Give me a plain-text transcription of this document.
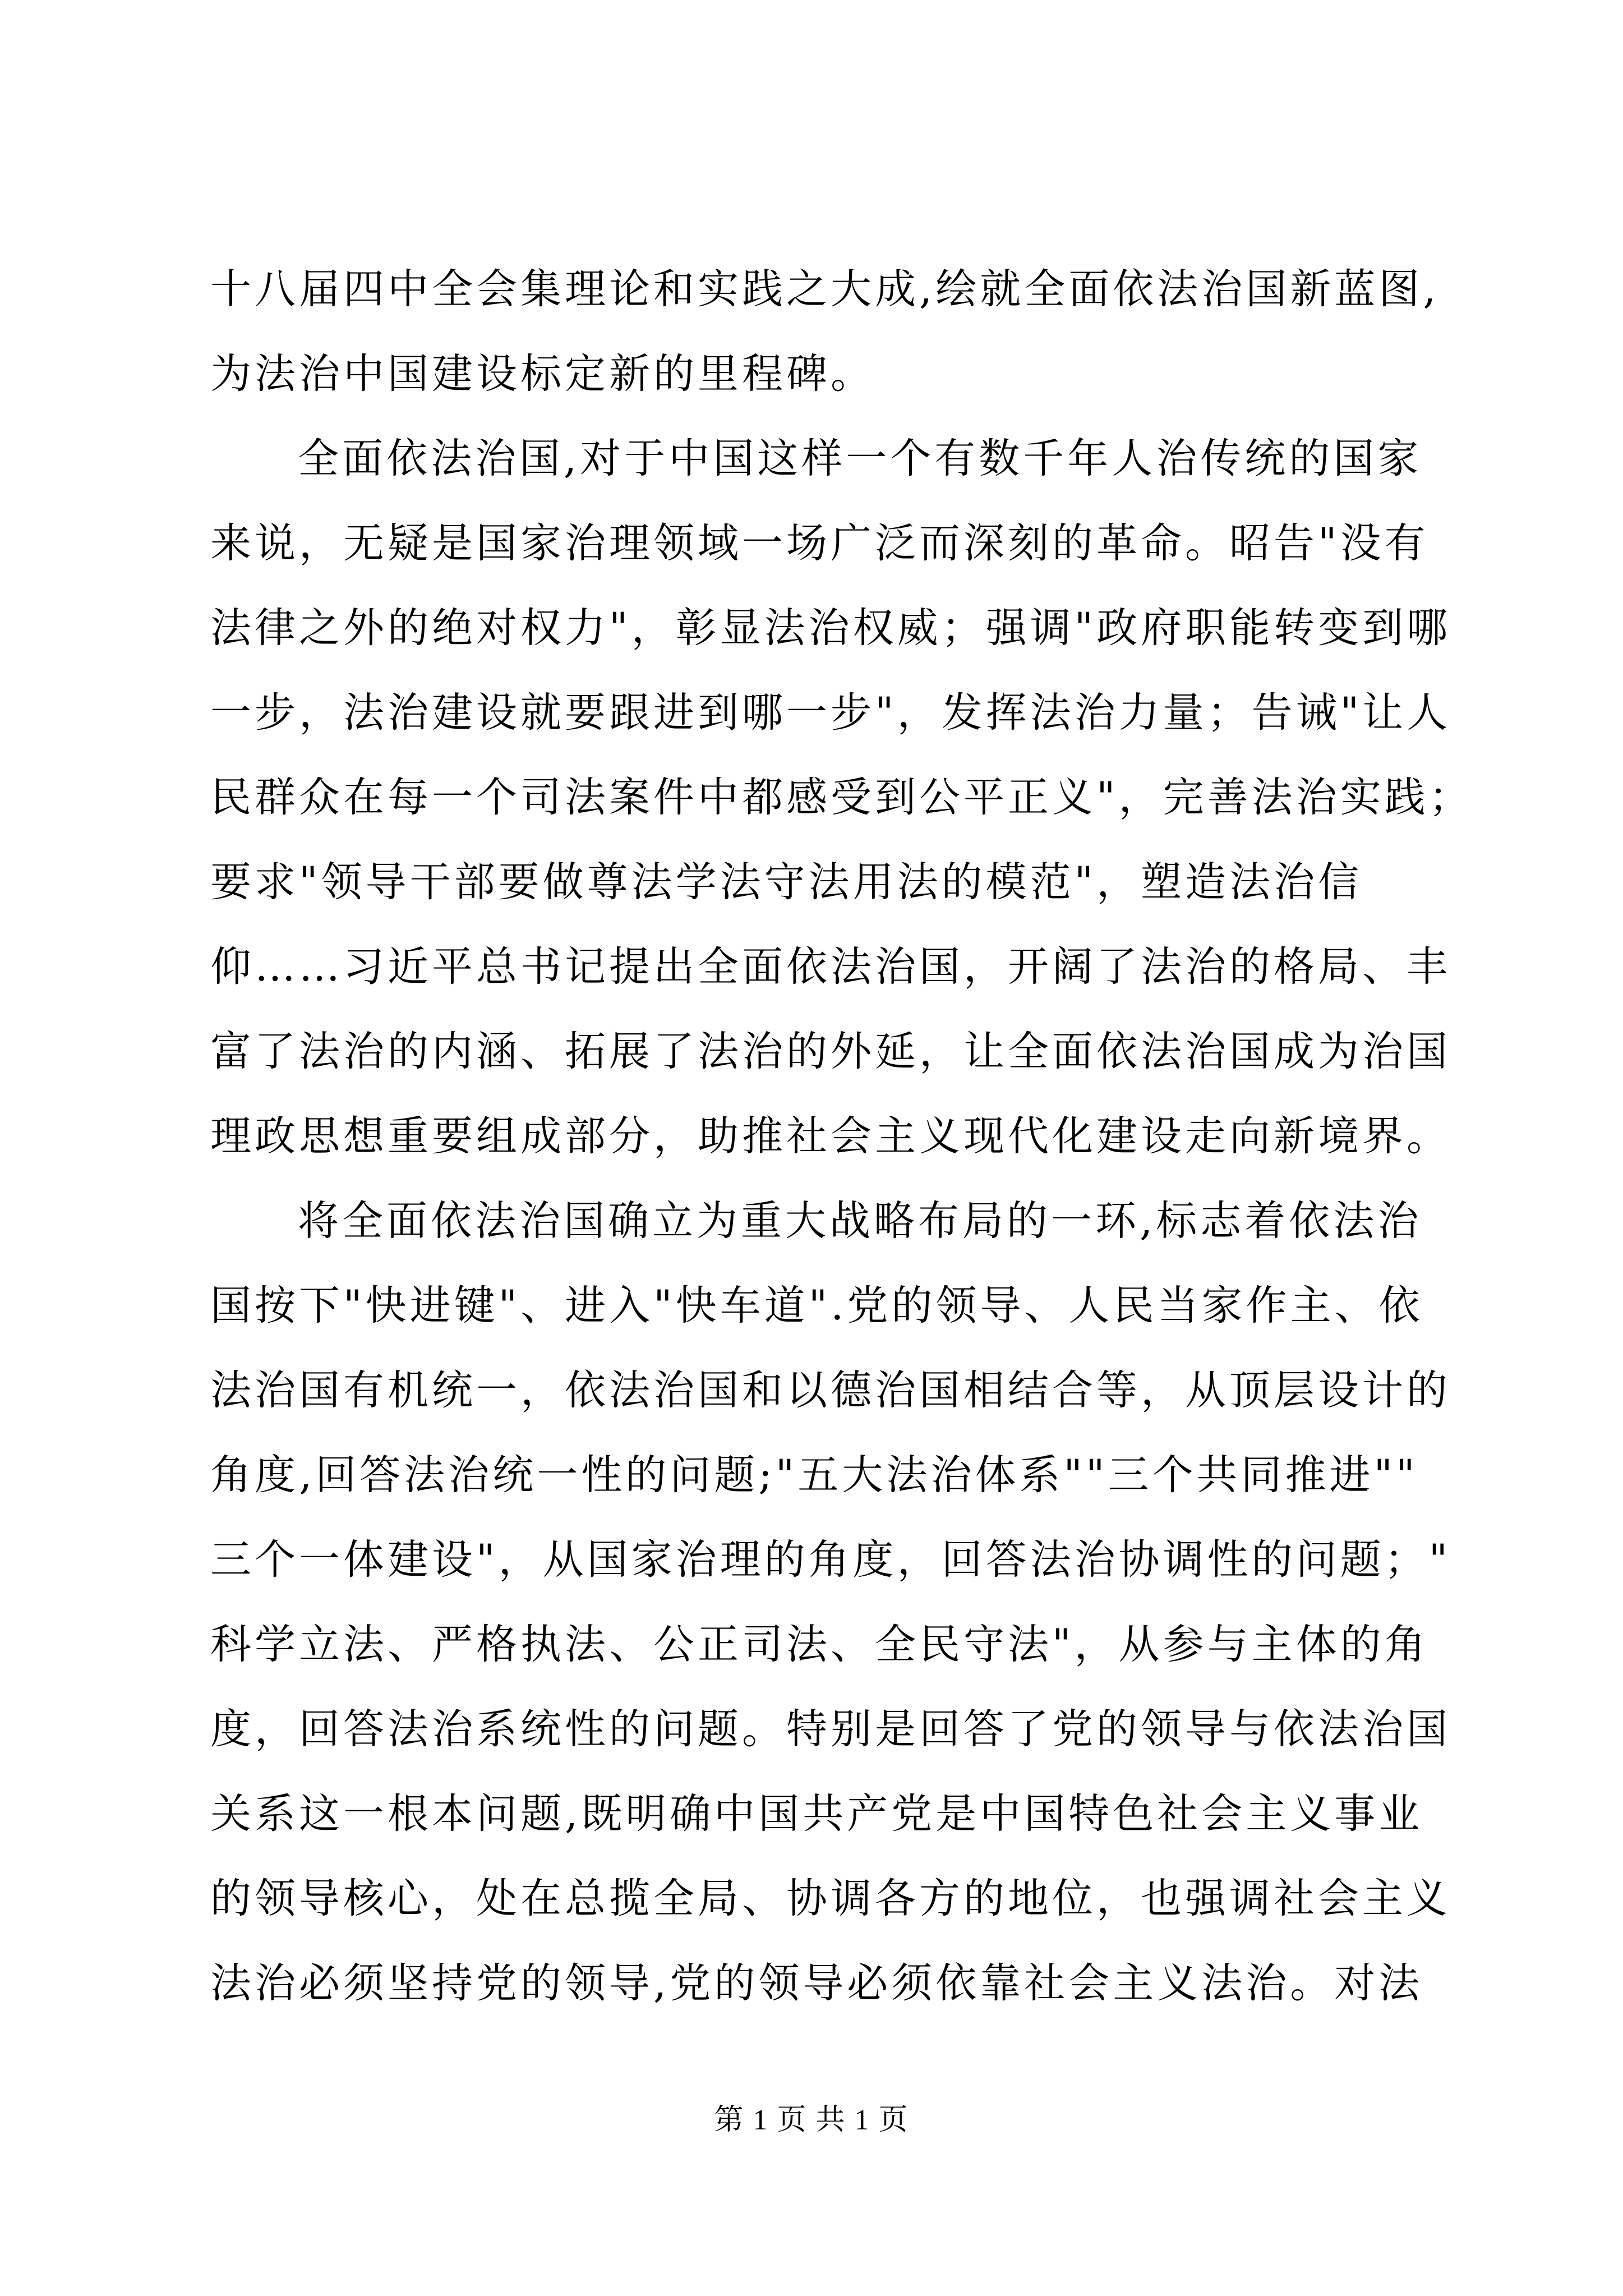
十八届四中全会集理论和实践之大成,绘就全面依法治国新蓝图,
为法治中国建设标定新的里程碑。
全面依法治国,对于中国这样一个有数千年人治传统的国家
来说，无疑是国家治理领域一场广泛而深刻的革命。昭告"没有
法律之外的绝对权力"，彰显法治权威；强调"政府职能转变到哪
一步，法治建设就要跟进到哪一步"，发挥法治力量；告诫"让人
民群众在每一个司法案件中都感受到公平正义"，完善法治实践；
要求"领导干部要做尊法学法守法用法的模范"，塑造法治信
仰……习近平总书记提出全面依法治国，开阔了法治的格局、丰
富了法治的内涵、拓展了法治的外延，让全面依法治国成为治国
理政思想重要组成部分，助推社会主义现代化建设走向新境界。
将全面依法治国确立为重大战略布局的一环,标志着依法治
国按下"快进键"、进入"快车道".党的领导、人民当家作主、依
法治国有机统一，依法治国和以德治国相结合等，从顶层设计的
角度,回答法治统一性的问题;"五大法治体系""三个共同推进""
三个一体建设"，从国家治理的角度，回答法治协调性的问题；"
科学立法、严格执法、公正司法、全民守法"，从参与主体的角
度，回答法治系统性的问题。特别是回答了党的领导与依法治国
关系这一根本问题,既明确中国共产党是中国特色社会主义事业
的领导核心，处在总揽全局、协调各方的地位，也强调社会主义
法治必须坚持党的领导,党的领导必须依靠社会主义法治。对法
第 1 页 共 1 页
